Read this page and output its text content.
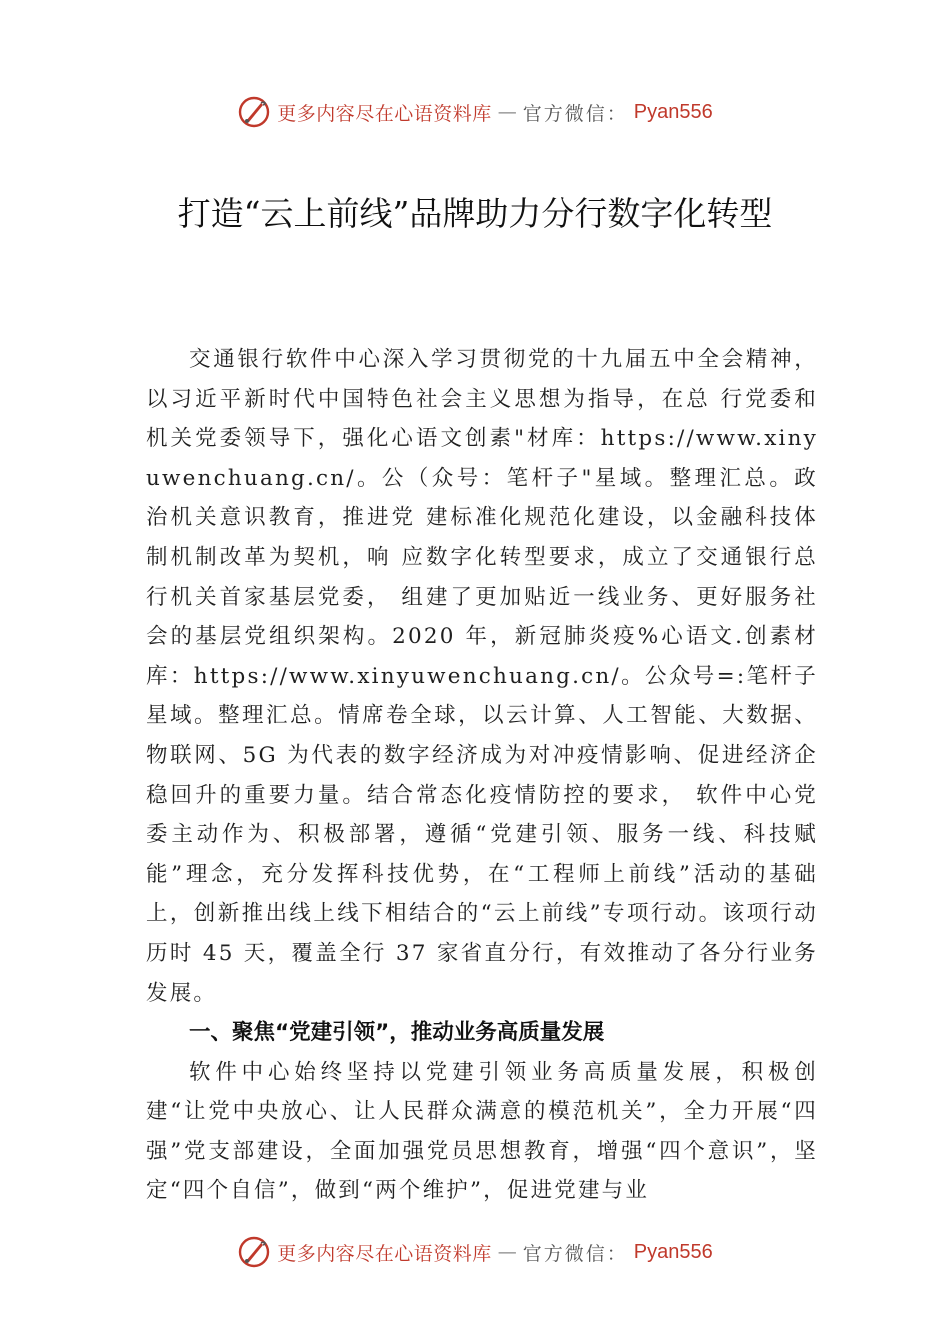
更多内容尽在心语资料库 — 官方微信： Pyan556
打造“云上前线”品牌助力分行数字化转型

交通银行软件中心深入学习贯彻党的十九届五中全会精神，以习近平新时代中国特色社会主义思想为指导，在总 行党委和机关党委领导下，强化心语文创素"材库：https://www.xinyuwenchuang.cn/。公（众号：笔杆子"星域。整理汇总。政治机关意识教育，推进党 建标准化规范化建设，以金融科技体制机制改革为契机，响 应数字化转型要求，成立了交通银行总行机关首家基层党委， 组建了更加贴近一线业务、更好服务社会的基层党组织架构。2020 年，新冠肺炎疫%心语文.创素材库：https://www.xinyuwenchuang.cn/。公众号=:笔杆子星域。整理汇总。情席卷全球，以云计算、人工智能、大数据、物联网、5G 为代表的数字经济成为对冲疫情影响、促进经济企稳回升的重要力量。结合常态化疫情防控的要求， 软件中心党委主动作为、积极部署，遵循“党建引领、服务一线、科技赋能”理念，充分发挥科技优势，在“工程师上前线”活动的基础上，创新推出线上线下相结合的“云上前线”专项行动。该项行动历时 45 天，覆盖全行 37 家省直分行，有效推动了各分行业务发展。

一、聚焦“党建引领”，推动业务高质量发展

软件中心始终坚持以党建引领业务高质量发展，积极创建“让党中央放心、让人民群众满意的模范机关”，全力开展“四强”党支部建设，全面加强党员思想教育，增强“四个意识”，坚定“四个自信”，做到“两个维护”，促进党建与业

更多内容尽在心语资料库 — 官方微信： Pyan556
